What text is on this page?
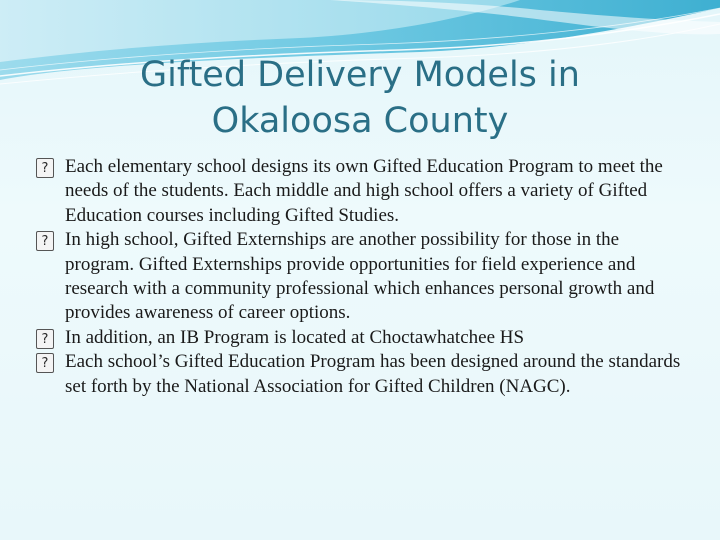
Gifted Delivery Models in
Okaloosa County
? Each elementary school designs its own Gifted Education Program to meet the needs of the students. Each middle and high school offers a variety of Gifted Education courses including Gifted Studies.
? In high school, Gifted Externships are another possibility for those in the program. Gifted Externships provide opportunities for field experience and research with a community professional which enhances personal growth and provides awareness of career options.
? In addition, an IB Program is located at Choctawhatchee HS
? Each school’s Gifted Education Program has been designed around the standards set forth by the National Association for Gifted Children (NAGC).
